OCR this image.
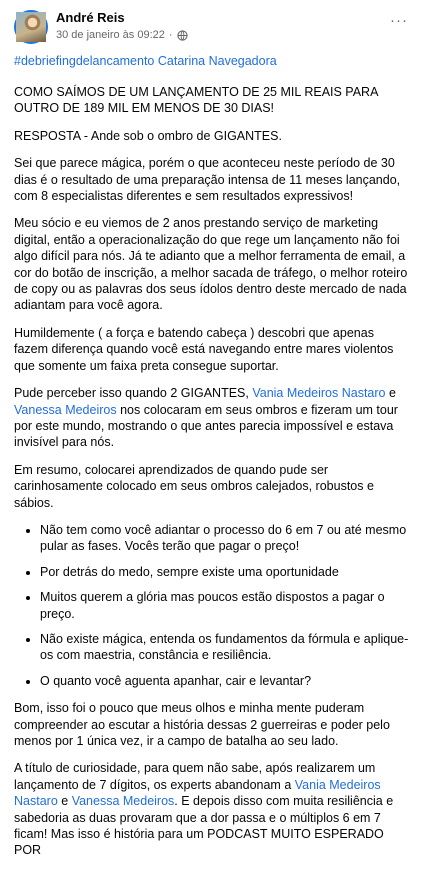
André Reis
30 de janeiro às 09:22 ·
···
#debriefingdelancamento Catarina Navegadora

COMO SAÍMOS DE UM LANÇAMENTO DE 25 MIL REAIS PARA OUTRO DE 189 MIL EM MENOS DE 30 DIAS!

RESPOSTA - Ande sob o ombro de GIGANTES.

Sei que parece mágica, porém o que aconteceu neste período de 30 dias é o resultado de uma preparação intensa de 11 meses lançando, com 8 especialistas diferentes e sem resultados expressivos!

Meu sócio e eu viemos de 2 anos prestando serviço de marketing digital, então a operacionalização do que rege um lançamento não foi algo difícil para nós. Já te adianto que a melhor ferramenta de email, a cor do botão de inscrição, a melhor sacada de tráfego, o melhor roteiro de copy ou as palavras dos seus ídolos dentro deste mercado de nada adiantam para você agora.

Humildemente ( a força e batendo cabeça ) descobri que apenas fazem diferença quando você está navegando entre mares violentos que somente um faixa preta consegue suportar.

Pude perceber isso quando 2 GIGANTES, Vania Medeiros Nastaro e Vanessa Medeiros nos colocaram em seus ombros e fizeram um tour por este mundo, mostrando o que antes parecia impossível e estava invisível para nós.

Em resumo, colocarei aprendizados de quando pude ser carinhosamente colocado em seus ombros calejados, robustos e sábios.

• Não tem como você adiantar o processo do 6 em 7 ou até mesmo pular as fases. Vocês terão que pagar o preço!
• Por detrás do medo, sempre existe uma oportunidade
• Muitos querem a glória mas poucos estão dispostos a pagar o preço.
• Não existe mágica, entenda os fundamentos da fórmula e aplique-os com maestria, constância e resiliência.
• O quanto você aguenta apanhar, cair e levantar?

Bom, isso foi o pouco que meus olhos e minha mente puderam compreender ao escutar a história dessas 2 guerreiras e poder pelo menos por 1 única vez, ir a campo de batalha ao seu lado.

A título de curiosidade, para quem não sabe, após realizarem um lançamento de 7 dígitos, os experts abandonam a Vania Medeiros Nastaro e Vanessa Medeiros. E depois disso com muita resiliência e sabedoria as duas provaram que a dor passa e o múltiplos 6 em 7 ficam! Mas isso é história para um PODCAST MUITO ESPERADO POR
